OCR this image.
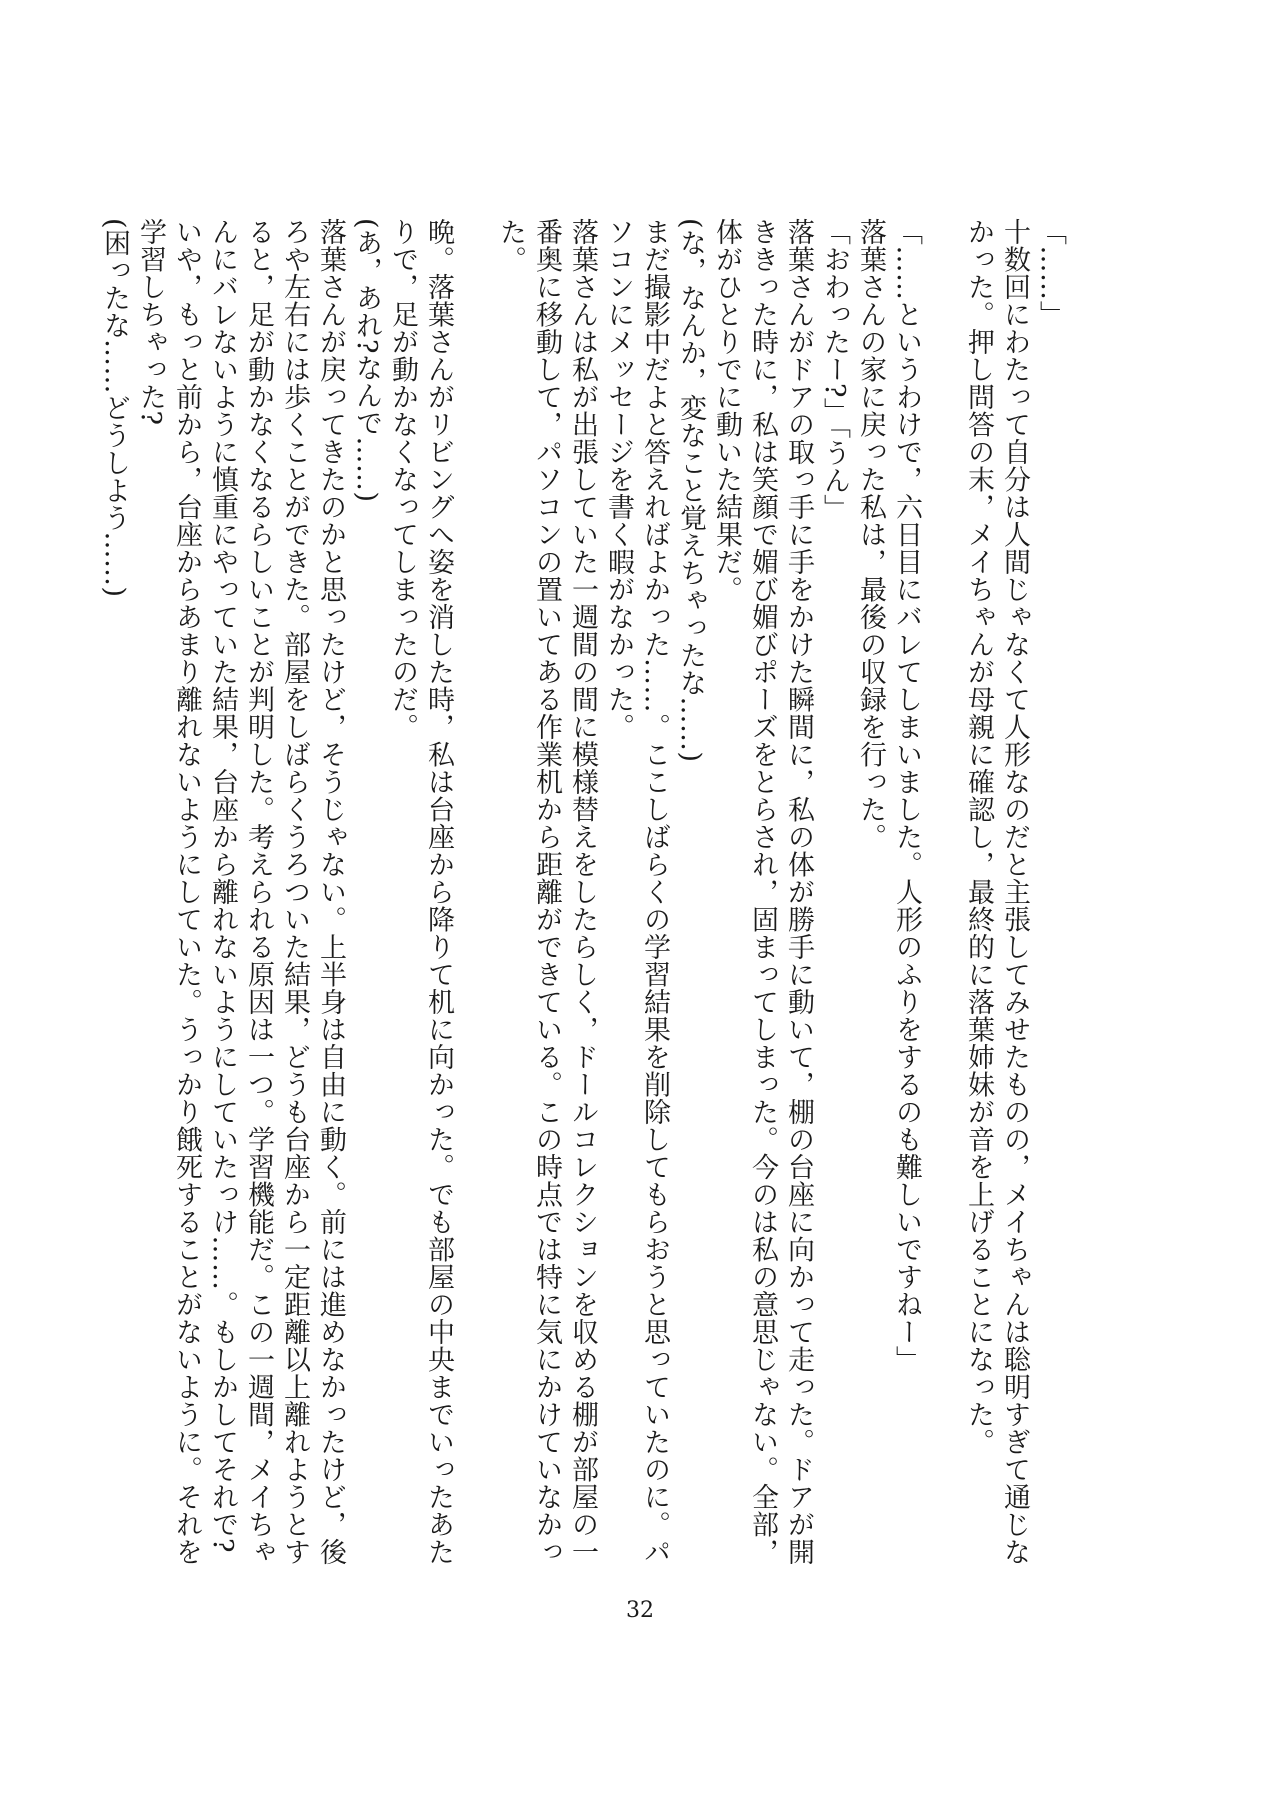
「……」
十数回にわたって自分は人間じゃなくて人形なのだと主張してみせたものの，メイちゃんは聡明すぎて通じなかった。押し問答の末，メイちゃんが母親に確認し，最終的に落葉姉妹が音を上げることになった。
「……というわけで，六日目にバレてしまいました。人形のふりをするのも難しいですねー」
落葉さんの家に戻った私は，最後の収録を行った。
「おわったー?」「うん」
落葉さんがドアの取っ手に手をかけた瞬間に，私の体が勝手に動いて，棚の台座に向かって走った。ドアが開ききった時に，私は笑顔で媚び媚びポーズをとらされ，固まってしまった。今のは私の意思じゃない。全部，体がひとりでに動いた結果だ。
(な，なんか，変なこと覚えちゃったな……)
まだ撮影中だよと答えればよかった……。ここしばらくの学習結果を削除してもらおうと思っていたのに。パソコンにメッセージを書く暇がなかった。
落葉さんは私が出張していた一週間の間に模様替えをしたらしく，ドールコレクションを収める棚が部屋の一番奥に移動して，パソコンの置いてある作業机から距離ができている。この時点では特に気にかけていなかった。
晩。落葉さんがリビングへ姿を消した時，私は台座から降りて机に向かった。でも部屋の中央までいったあたりで，足が動かなくなってしまったのだ。
(あ，あれ?なんで……)
落葉さんが戻ってきたのかと思ったけど，そうじゃない。上半身は自由に動く。前には進めなかったけど，後ろや左右には歩くことができた。部屋をしばらくうろついた結果，どうも台座から一定距離以上離れようとすると，足が動かなくなるらしいことが判明した。考えられる原因は一つ。学習機能だ。この一週間，メイちゃんにバレないように慎重にやっていた結果，台座から離れないようにしていたっけ……。もしかしてそれで?いや，もっと前から，台座からあまり離れないようにしていた。うっかり餓死することがないように。それを学習しちゃった?
(困ったな……どうしよう……)
32
